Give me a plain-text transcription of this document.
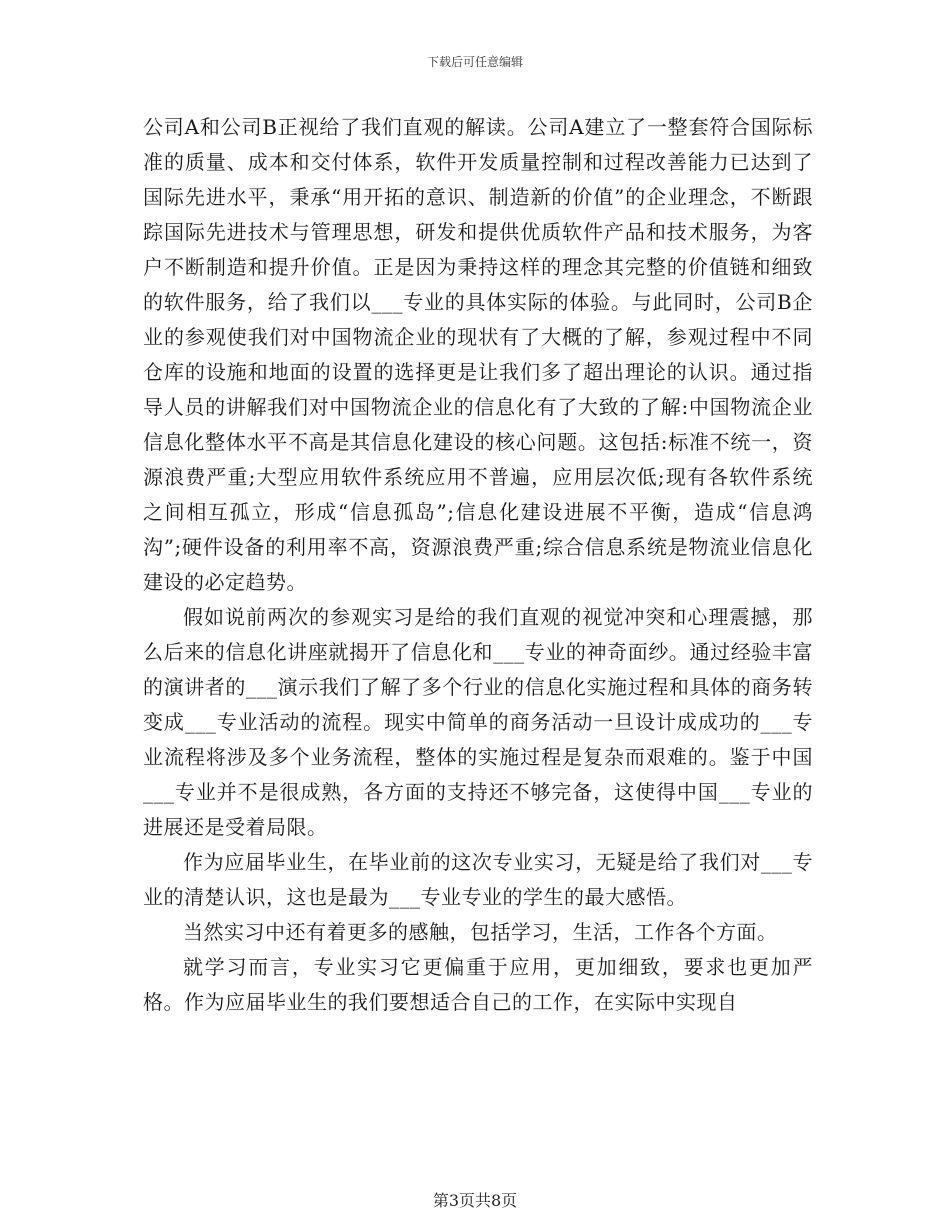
下载后可任意编辑

公司A和公司B正视给了我们直观的解读。公司A建立了一整套符合国际标准的质量、成本和交付体系，软件开发质量控制和过程改善能力已达到了国际先进水平，秉承“用开拓的意识、制造新的价值”的企业理念，不断跟踪国际先进技术与管理思想，研发和提供优质软件产品和技术服务，为客户不断制造和提升价值。正是因为秉持这样的理念其完整的价值链和细致的软件服务，给了我们以___专业的具体实际的体验。与此同时，公司B企业的参观使我们对中国物流企业的现状有了大概的了解，参观过程中不同仓库的设施和地面的设置的选择更是让我们多了超出理论的认识。通过指导人员的讲解我们对中国物流企业的信息化有了大致的了解:中国物流企业信息化整体水平不高是其信息化建设的核心问题。这包括:标准不统一，资源浪费严重;大型应用软件系统应用不普遍，应用层次低;现有各软件系统之间相互孤立，形成“信息孤岛”;信息化建设进展不平衡，造成“信息鸿沟”;硬件设备的利用率不高，资源浪费严重;综合信息系统是物流业信息化建设的必定趋势。

假如说前两次的参观实习是给的我们直观的视觉冲突和心理震撼，那么后来的信息化讲座就揭开了信息化和___专业的神奇面纱。通过经验丰富的演讲者的___演示我们了解了多个行业的信息化实施过程和具体的商务转变成___专业活动的流程。现实中简单的商务活动一旦设计成成功的___专业流程将涉及多个业务流程，整体的实施过程是复杂而艰难的。鉴于中国___专业并不是很成熟，各方面的支持还不够完备，这使得中国___专业的进展还是受着局限。

作为应届毕业生，在毕业前的这次专业实习，无疑是给了我们对___专业的清楚认识，这也是最为___专业专业的学生的最大感悟。

当然实习中还有着更多的感触，包括学习，生活，工作各个方面。

就学习而言，专业实习它更偏重于应用，更加细致，要求也更加严格。作为应届毕业生的我们要想适合自己的工作，在实际中实现自

第3页共8页
